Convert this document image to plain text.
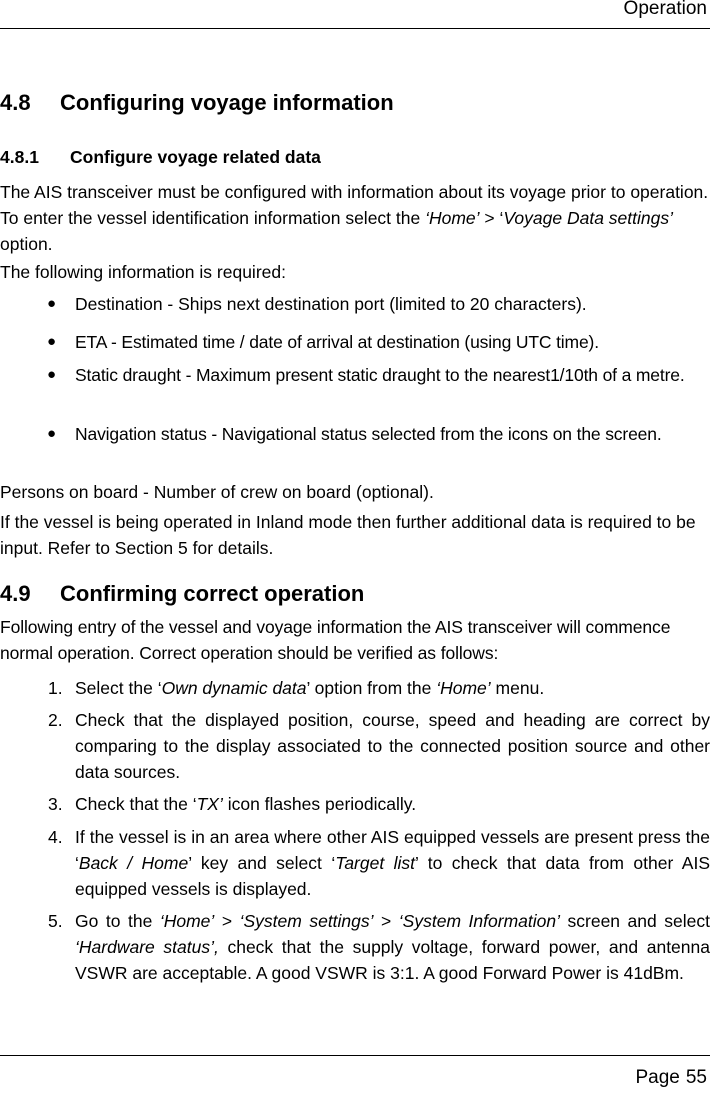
Operation
4.8 Configuring voyage information
4.8.1 Configure voyage related data
The AIS transceiver must be configured with information about its voyage prior to operation. To enter the vessel identification information select the ‘Home’ > ‘Voyage Data settings’ option.
The following information is required:
● Destination - Ships next destination port (limited to 20 characters).
● ETA - Estimated time / date of arrival at destination (using UTC time).
● Static draught - Maximum present static draught to the nearest1/10th of a metre.
● Navigation status - Navigational status selected from the icons on the screen.
Persons on board - Number of crew on board (optional).
If the vessel is being operated in Inland mode then further additional data is required to be input. Refer to Section 5 for details.
4.9 Confirming correct operation
Following entry of the vessel and voyage information the AIS transceiver will commence normal operation. Correct operation should be verified as follows:
1. Select the ‘Own dynamic data’ option from the ‘Home’ menu.
2. Check that the displayed position, course, speed and heading are correct by comparing to the display associated to the connected position source and other data sources.
3. Check that the ‘TX’ icon flashes periodically.
4. If the vessel is in an area where other AIS equipped vessels are present press the ‘Back / Home’ key and select ‘Target list’ to check that data from other AIS equipped vessels is displayed.
5. Go to the ‘Home’ > ‘System settings’ > ‘System Information’ screen and select ‘Hardware status’, check that the supply voltage, forward power, and antenna VSWR are acceptable. A good VSWR is 3:1. A good Forward Power is 41dBm.
Page 55
